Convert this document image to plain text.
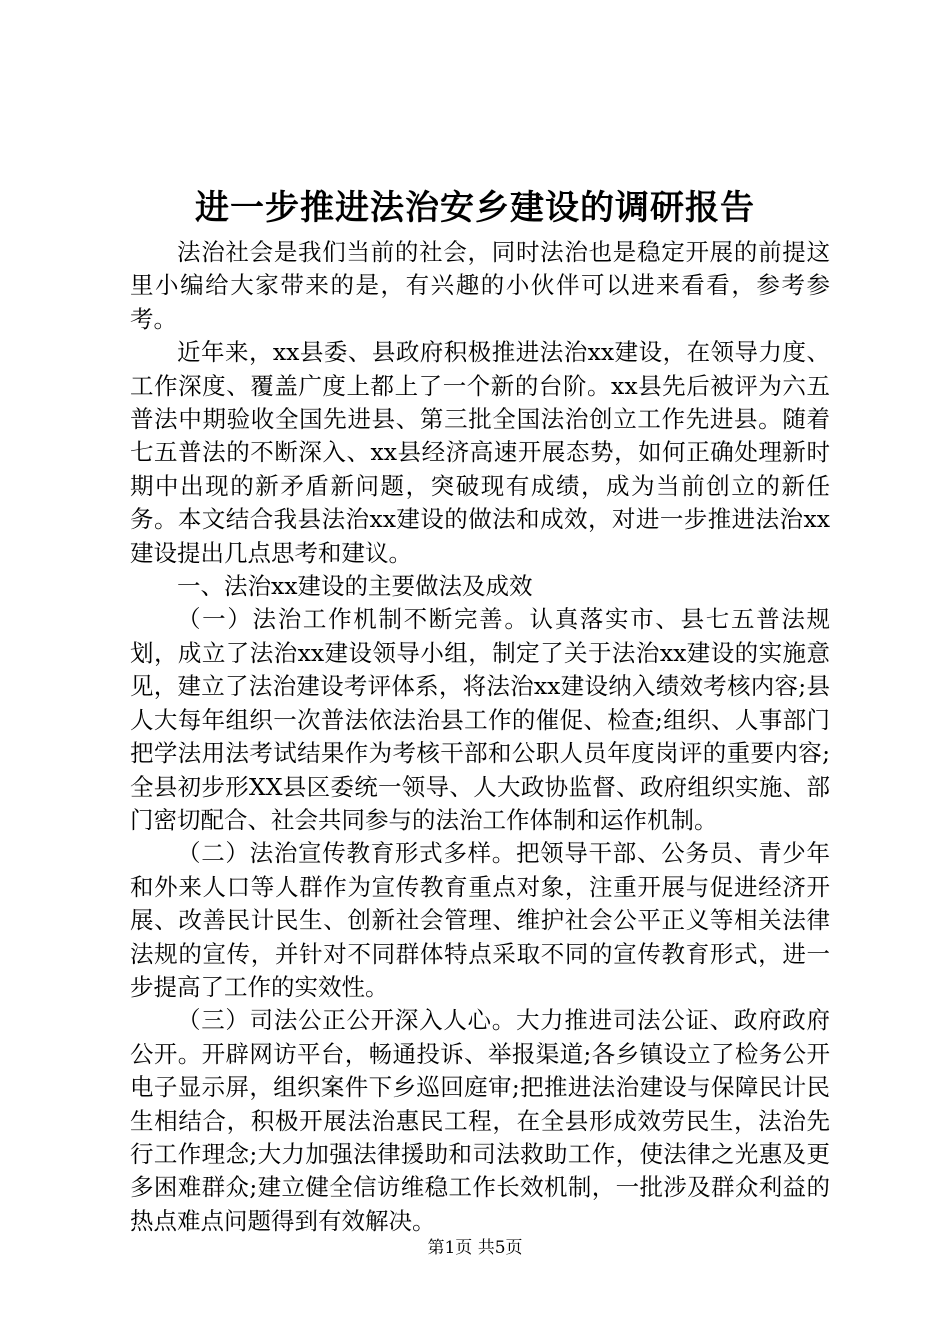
进一步推进法治安乡建设的调研报告

法治社会是我们当前的社会，同时法治也是稳定开展的前提这里小编给大家带来的是，有兴趣的小伙伴可以进来看看，参考参考。

近年来，xx县委、县政府积极推进法治xx建设，在领导力度、工作深度、覆盖广度上都上了一个新的台阶。xx县先后被评为六五普法中期验收全国先进县、第三批全国法治创立工作先进县。随着七五普法的不断深入、xx县经济高速开展态势，如何正确处理新时期中出现的新矛盾新问题，突破现有成绩，成为当前创立的新任务。本文结合我县法治xx建设的做法和成效，对进一步推进法治xx建设提出几点思考和建议。

一、法治xx建设的主要做法及成效

（一）法治工作机制不断完善。认真落实市、县七五普法规划，成立了法治xx建设领导小组，制定了关于法治xx建设的实施意见，建立了法治建设考评体系，将法治xx建设纳入绩效考核内容;县人大每年组织一次普法依法治县工作的催促、检查;组织、人事部门把学法用法考试结果作为考核干部和公职人员年度岗评的重要内容;全县初步形XX县区委统一领导、人大政协监督、政府组织实施、部门密切配合、社会共同参与的法治工作体制和运作机制。

（二）法治宣传教育形式多样。把领导干部、公务员、青少年和外来人口等人群作为宣传教育重点对象，注重开展与促进经济开展、改善民计民生、创新社会管理、维护社会公平正义等相关法律法规的宣传，并针对不同群体特点采取不同的宣传教育形式，进一步提高了工作的实效性。

（三）司法公正公开深入人心。大力推进司法公证、政府政府公开。开辟网访平台，畅通投诉、举报渠道;各乡镇设立了检务公开电子显示屏，组织案件下乡巡回庭审;把推进法治建设与保障民计民生相结合，积极开展法治惠民工程，在全县形成效劳民生，法治先行工作理念;大力加强法律援助和司法救助工作，使法律之光惠及更多困难群众;建立健全信访维稳工作长效机制，一批涉及群众利益的热点难点问题得到有效解决。

第1页 共5页
